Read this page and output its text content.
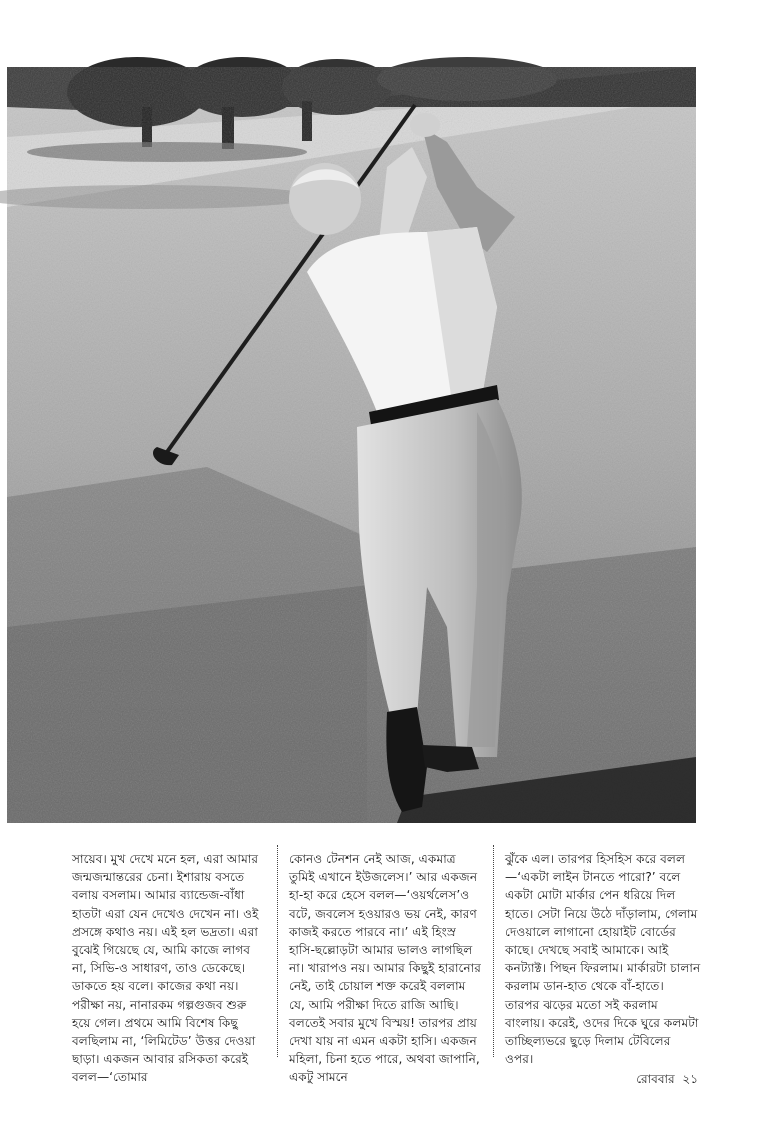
সায়েব। মুখ দেখে মনে হল, এরা আমার জন্মজন্মান্তরের চেনা। ইশারায় বসতে বলায় বসলাম। আমার ব্যান্ডেজ-বাঁধা হাতটা এরা যেন দেখেও দেখেন না। ওই প্রসঙ্গে কথাও নয়। এই হল ভদ্রতা। এরা বুঝেই গিয়েছে যে, আমি কাজে লাগব না, সিভি-ও সাধারণ, তাও ডেকেছে। ডাকতে হয় বলে। কাজের কথা নয়। পরীক্ষা নয়, নানারকম গল্পগুজব শুরু হয়ে গেল। প্রথমে আমি বিশেষ কিছু বলছিলাম না, ‘লিমিটেড’ উত্তর দেওয়া ছাড়া। একজন আবার রসিকতা করেই বলল—‘তোমার
কোনও টেনশন নেই আজ, একমাত্র তুমিই এখানে ইউজলেস।’ আর একজন হা-হা করে হেসে বলল—‘ওয়র্থলেস’ও বটে, জবলেস হওয়ারও ভয় নেই, কারণ কাজই করতে পারবে না।’ এই হিংস্র হাসি-ছল্লোড়টা আমার ভালও লাগছিল না। খারাপও নয়। আমার কিছুই হারানোর নেই, তাই চোয়াল শক্ত করেই বললাম যে, আমি পরীক্ষা দিতে রাজি আছি। বলতেই সবার মুখে বিস্ময়! তারপর প্রায় দেখা যায় না এমন একটা হাসি। একজন মহিলা, চিনা হতে পারে, অথবা জাপানি, একটু সামনে
ঝুঁকে এল। তারপর হিসহিস করে বলল—‘একটা লাইন টানতে পারো?’ বলে একটা মোটা মার্কার পেন ধরিয়ে দিল হাতে। সেটা নিয়ে উঠে দাঁড়ালাম, গেলাম দেওয়ালে লাগানো হোয়াইট বোর্ডের কাছে। দেখছে সবাই আমাকে। আই কনট্যাক্ট। পিছন ফিরলাম। মার্কারটা চালান করলাম ডান-হাত থেকে বাঁ-হাতে। তারপর ঝড়ের মতো সই করলাম বাংলায়। করেই, ওদের দিকে ঘুরে কলমটা তাচ্ছিল্যভরে ছুড়ে দিলাম টেবিলের ওপর।
রোববার ২১
